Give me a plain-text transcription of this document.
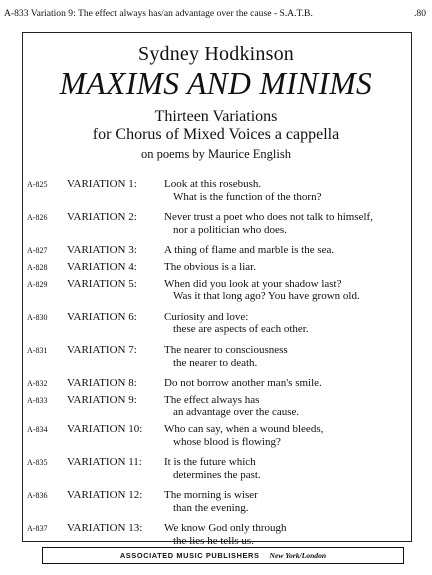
A-833 Variation 9: The effect always has/an advantage over the cause - S.A.T.B.	.80
Sydney Hodkinson
MAXIMS AND MINIMS
Thirteen Variations
for Chorus of Mixed Voices a cappella
on poems by Maurice English
A-825 VARIATION 1: Look at this rosebush.
What is the function of the thorn?
A-826 VARIATION 2: Never trust a poet who does not talk to himself,
nor a politician who does.
A-827 VARIATION 3: A thing of flame and marble is the sea.
A-828 VARIATION 4: The obvious is a liar.
A-829 VARIATION 5: When did you look at your shadow last?
Was it that long ago? You have grown old.
A-830 VARIATION 6: Curiosity and love:
these are aspects of each other.
A-831 VARIATION 7: The nearer to consciousness
the nearer to death.
A-832 VARIATION 8: Do not borrow another man's smile.
A-833 VARIATION 9: The effect always has
an advantage over the cause.
A-834 VARIATION 10: Who can say, when a wound bleeds,
whose blood is flowing?
A-835 VARIATION 11: It is the future which
determines the past.
A-836 VARIATION 12: The morning is wiser
than the evening.
A-837 VARIATION 13: We know God only through
the lies he tells us.
ASSOCIATED MUSIC PUBLISHERS New York/London
